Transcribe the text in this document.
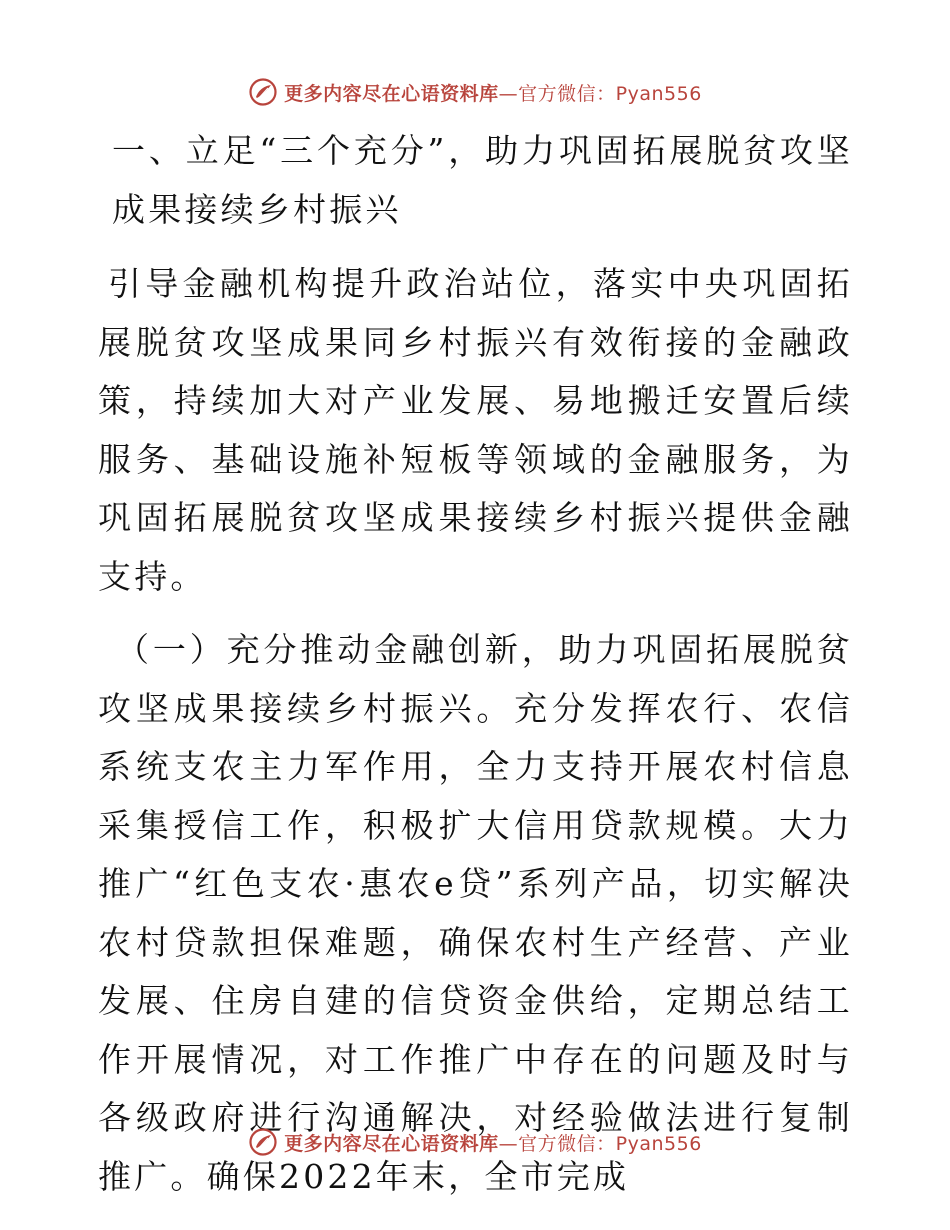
更多内容尽在心语资料库—官方微信：Pyan556

一、立足“三个充分”，助力巩固拓展脱贫攻坚成果接续乡村振兴

引导金融机构提升政治站位，落实中央巩固拓展脱贫攻坚成果同乡村振兴有效衔接的金融政策，持续加大对产业发展、易地搬迁安置后续服务、基础设施补短板等领域的金融服务，为巩固拓展脱贫攻坚成果接续乡村振兴提供金融支持。

（一）充分推动金融创新，助力巩固拓展脱贫攻坚成果接续乡村振兴。充分发挥农行、农信系统支农主力军作用，全力支持开展农村信息采集授信工作，积极扩大信用贷款规模。大力推广“红色支农·惠农e贷”系列产品，切实解决农村贷款担保难题，确保农村生产经营、产业发展、住房自建的信贷资金供给，定期总结工作开展情况，对工作推广中存在的问题及时与各级政府进行沟通解决，对经验做法进行复制推广。确保2022年末，全市完成

更多内容尽在心语资料库—官方微信：Pyan556
